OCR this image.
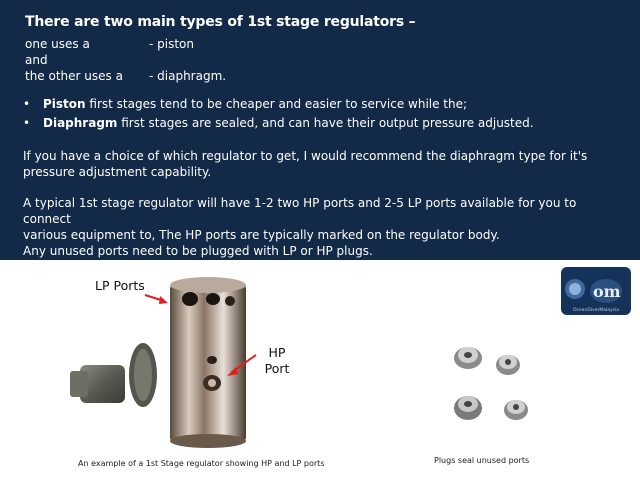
There are two main types of 1st stage regulators –
one uses a	- piston
and
the other uses a - diaphragm.
• Piston first stages tend to be cheaper and easier to service while the;
• Diaphragm first stages are sealed, and can have their output pressure adjusted.
If you have a choice of which regulator to get, I would recommend the diaphragm type for it's pressure adjustment capability.
A typical 1st stage regulator will have 1-2 two HP ports and 2-5 LP ports available for you to connect
various equipment to, The HP ports are typically marked on the regulator body.
Any unused ports need to be plugged with LP or HP plugs.
LP Ports
HP
Port
An example of a 1st Stage regulator showing HP and LP ports	Plugs seal unused ports
om
OceanDiverMalaysia
